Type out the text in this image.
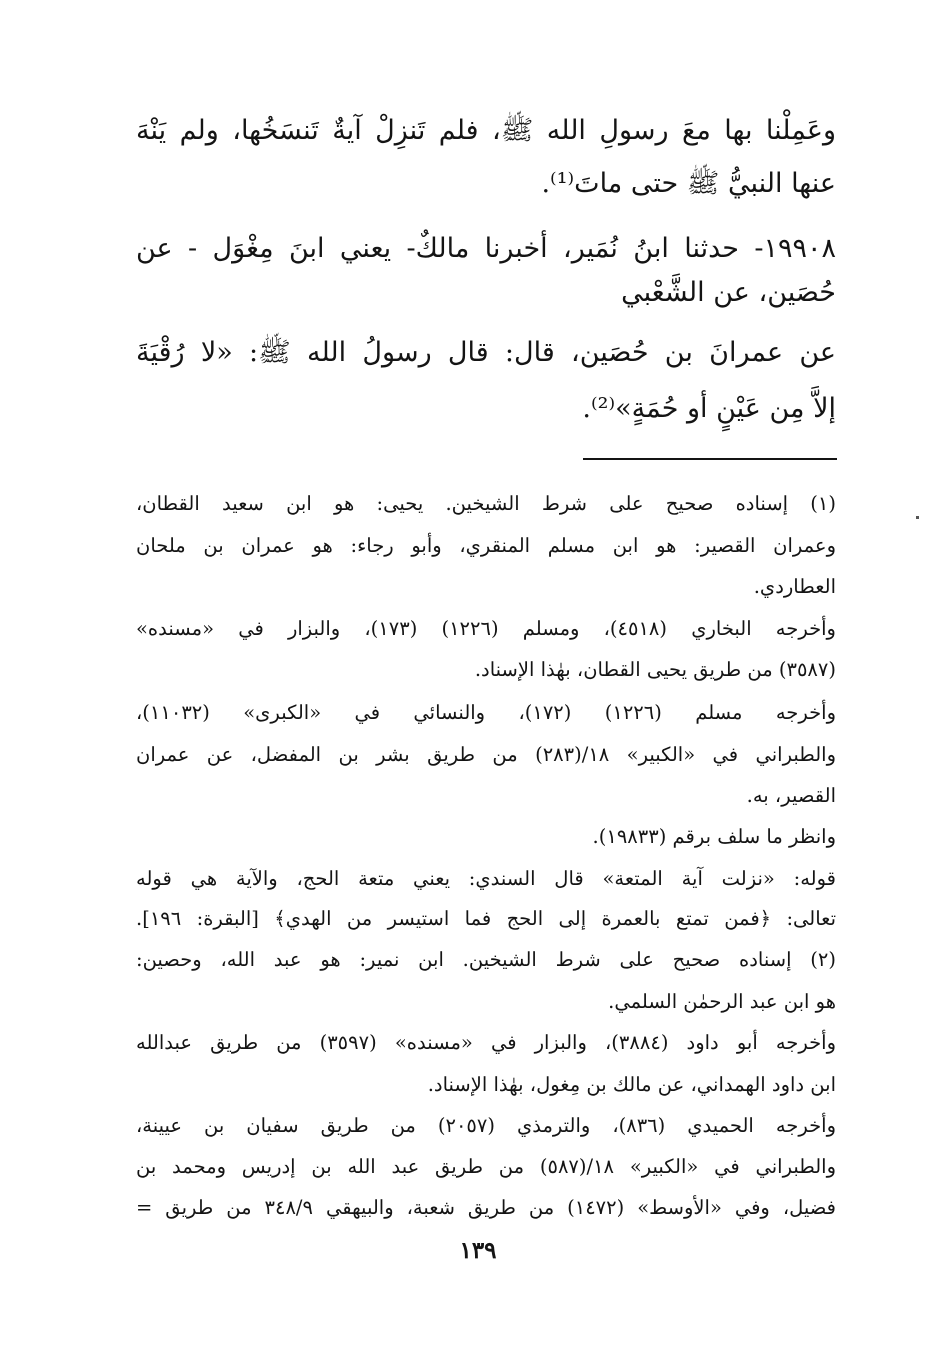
وعَمِلْنا بها معَ رسولِ الله ﷺ، فلم تَنزِلْ آيةٌ تَنسَخُها، ولم يَنْهَ
عنها النبيُّ ﷺ حتى ماتَ⁽¹⁾.
١٩٩٠٨- حدثنا ابنُ نُمَير، أخبرنا مالكٌ- يعني ابنَ مِغْوَل - عن
حُصَين، عن الشَّعْبي
عن عمرانَ بن حُصَين، قال: قال رسولُ الله ﷺ: «لا رُقْيَةَ
إلاَّ مِن عَيْنٍ أو حُمَةٍ»⁽²⁾.
(١) إسناده صحيح على شرط الشيخين. يحيى: هو ابن سعيد القطان،
وعمران القصير: هو ابن مسلم المنقري، وأبو رجاء: هو عمران بن ملحان
العطاردي.
وأخرجه البخاري (٤٥١٨)، ومسلم (١٢٢٦) (١٧٣)، والبزار في «مسنده»
(٣٥٨٧) من طريق يحيى القطان، بهٰذا الإسناد.
وأخرجه مسلم (١٢٢٦) (١٧٢)، والنسائي في «الكبرى» (١١٠٣٢)،
والطبراني في «الكبير» ١٨/(٢٨٣) من طريق بشر بن المفضل، عن عمران
القصير، به.
وانظر ما سلف برقم (١٩٨٣٣).
قوله: «نزلت آية المتعة» قال السندي: يعني متعة الحج، والآية هي قوله
تعالى: ﴿فمن تمتع بالعمرة إلى الحج فما استيسر من الهدي﴾ [البقرة: ١٩٦].
(٢) إسناده صحيح على شرط الشيخين. ابن نمير: هو عبد الله، وحصين:
هو ابن عبد الرحمٰن السلمي.
وأخرجه أبو داود (٣٨٨٤)، والبزار في «مسنده» (٣٥٩٧) من طريق عبدالله
ابن داود الهمداني، عن مالك بن مِغول، بهٰذا الإسناد.
وأخرجه الحميدي (٨٣٦)، والترمذي (٢٠٥٧) من طريق سفيان بن عيينة،
والطبراني في «الكبير» ١٨/(٥٨٧) من طريق عبد الله بن إدريس ومحمد بن
فضيل، وفي «الأوسط» (١٤٧٢) من طريق شعبة، والبيهقي ٣٤٨/٩ من طريق =
١٣٩
